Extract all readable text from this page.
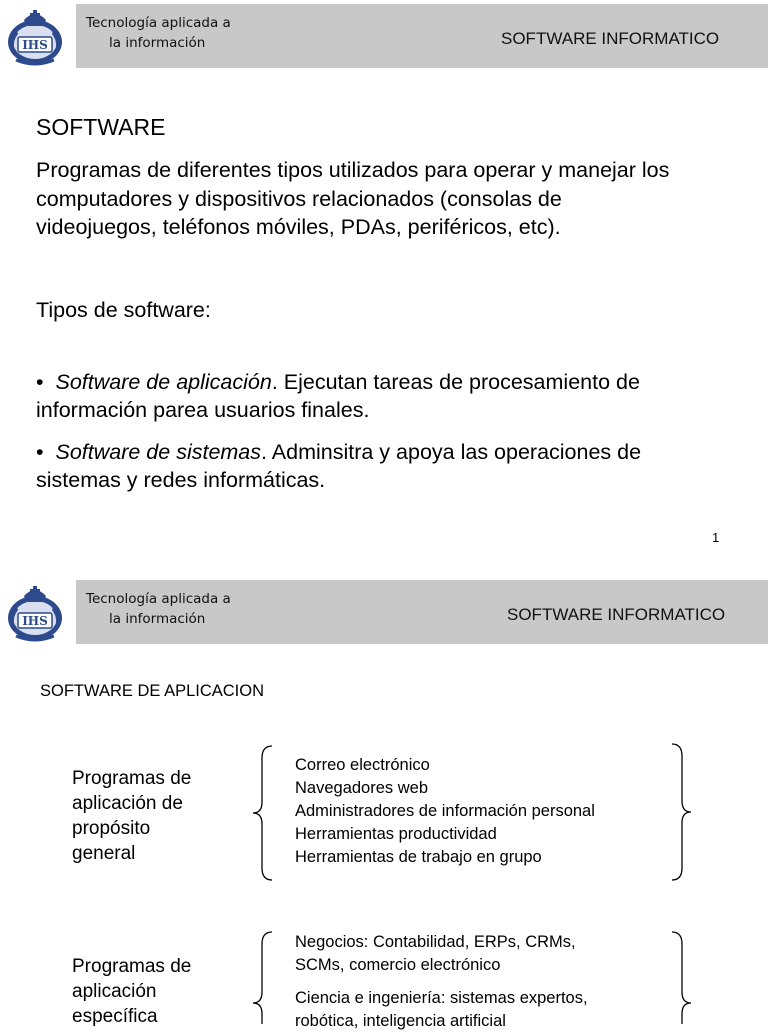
Tecnología aplicada a
la información	SOFTWARE INFORMATICO
SOFTWARE
Programas de diferentes tipos utilizados para operar y manejar los
computadores y dispositivos relacionados (consolas de
videojuegos, teléfonos móviles, PDAs, periféricos, etc).
Tipos de software:
• Software de aplicación. Ejecutan tareas de procesamiento de
información parea usuarios finales.
• Software de sistemas. Adminsitra y apoya las operaciones de
sistemas y redes informáticas.
1
Tecnología aplicada a
la información	SOFTWARE INFORMATICO
SOFTWARE DE APLICACION
Programas de
aplicación de
propósito
general
Correo electrónico
Navegadores web
Administradores de información personal
Herramientas productividad
Herramientas de trabajo en grupo
Programas de
aplicación
específica
Negocios: Contabilidad, ERPs, CRMs,
SCMs, comercio electrónico
Ciencia e ingeniería: sistemas expertos,
robótica, inteligencia artificial
